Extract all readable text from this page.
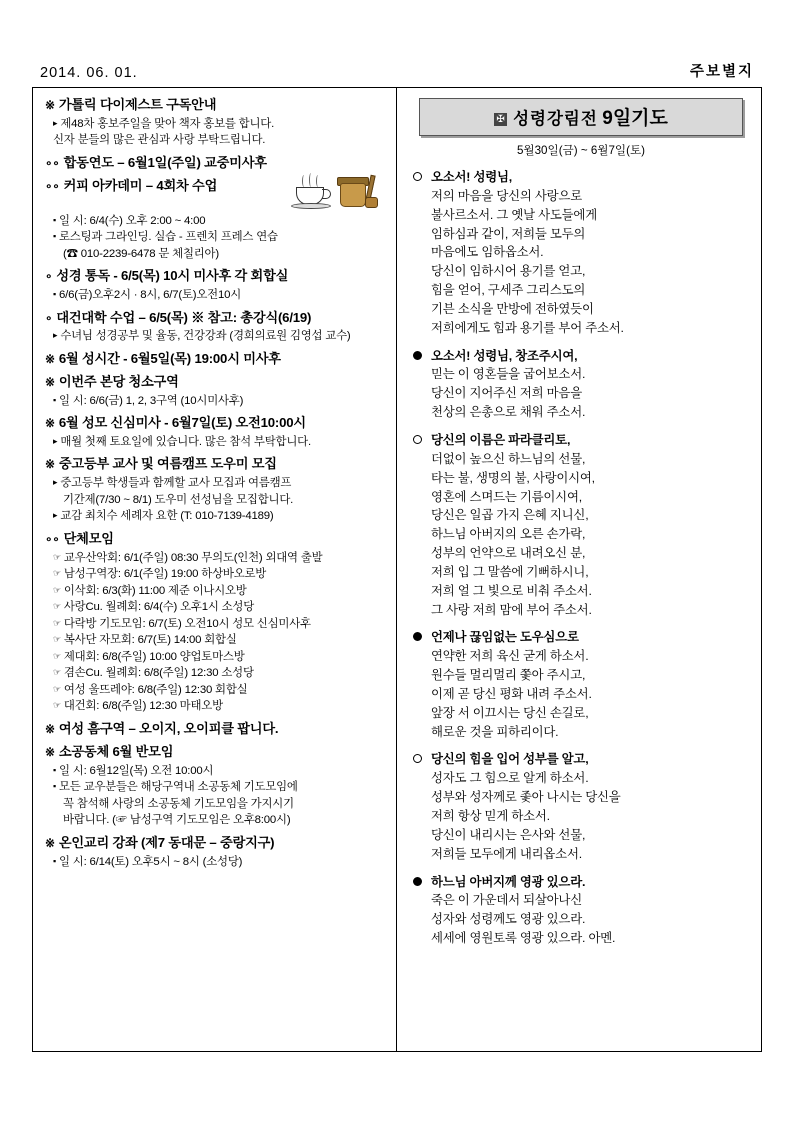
2014. 06. 01.	주보별지
※ 가톨릭 다이제스트 구독안내
▸ 제48차 홍보주일을 맞아 책자 홍보를 합니다.
신자 분들의 많은 관심과 사랑 부탁드립니다.
∘∘ 합동연도 – 6월1일(주일) 교중미사후
∘∘ 커피 아카데미 – 4회차 수업
▪ 일 시: 6/4(수) 오후 2:00 ~ 4:00
▪ 로스팅과 그라인딩. 실습 - 프렌치 프레스 연습
(☎ 010-2239-6478 문 체칠리아)
∘ 성경 통독 - 6/5(목) 10시 미사후 각 회합실
▪ 6/6(금)오후2시 · 8시, 6/7(토)오전10시
∘ 대건대학 수업 – 6/5(목) ※ 참고: 총강식(6/19)
▸ 수녀님 성경공부 및 율동, 건강강좌 (경희의료원 김영섭 교수)
※ 6월 성시간 - 6월5일(목) 19:00시 미사후
※ 이번주 본당 청소구역
▪ 일 시: 6/6(금) 1, 2, 3구역 (10시미사후)
※ 6월 성모 신심미사 - 6월7일(토) 오전10:00시
▸ 매월 첫째 토요일에 있습니다. 많은 참석 부탁합니다.
※ 중고등부 교사 및 여름캠프 도우미 모집
▸ 중고등부 학생들과 함께할 교사 모집과 여름캠프
기간제(7/30 ~ 8/1) 도우미 선성님을 모집합니다.
▸ 교감 최치수 세례자 요한 (T: 010-7139-4189)
∘∘ 단체모임
☞ 교우산악회: 6/1(주일) 08:30 무의도(인천) 외대역 출발
☞ 남성구역장: 6/1(주일) 19:00 하상바오로방
☞ 이삭회: 6/3(화) 11:00 제준 이나시오방
☞ 사랑Cu. 월례회: 6/4(수) 오후1시 소성당
☞ 다락방 기도모임: 6/7(토) 오전10시 성모 신심미사후
☞ 복사단 자모회: 6/7(토) 14:00 회합실
☞ 제대회: 6/8(주일) 10:00 양업토마스방
☞ 겸손Cu. 월례회: 6/8(주일) 12:30 소성당
☞ 여성 울뜨레야: 6/8(주일) 12:30 회합실
☞ 대건회: 6/8(주일) 12:30 마태오방
※ 여성 흠구역 – 오이지, 오이피클 팝니다.
※ 소공동체 6월 반모임
▪ 일 시: 6월12일(목) 오전 10:00시
▪ 모든 교우분들은 해당구역내 소공동체 기도모임에
꼭 참석해 사랑의 소공동체 기도모임을 가지시기
바랍니다. (☞ 남성구역 기도모임은 오후8:00시)
※ 온인교리 강좌 (제7 동대문 – 중랑지구)
▪ 일 시: 6/14(토) 오후5시 ~ 8시 (소성당)
✠ 성령강림전 9일기도
5월30일(금) ~ 6월7일(토)
오소서! 성령님,
저의 마음을 당신의 사랑으로
불사르소서. 그 옛날 사도들에게
임하심과 같이, 저희들 모두의
마음에도 임하옵소서.
당신이 임하시어 용기를 얻고,
힘을 얻어, 구세주 그리스도의
기븐 소식을 만방에 전하였듯이
저희에게도 힘과 용기를 부어 주소서.
오소서! 성령님, 창조주시여,
믿는 이 영혼들을 굽어보소서.
당신이 지어주신 저희 마음을
천상의 은총으로 채워 주소서.
당신의 이름은 파라클리토,
더없이 높으신 하느님의 선물,
타는 불, 생명의 불, 사랑이시여,
영혼에 스며드는 기름이시여,
당신은 일곱 가지 은혜 지니신,
하느님 아버지의 오른 손가락,
성부의 언약으로 내려오신 분,
저희 입 그 말씀에 기뻐하시니,
저희 얼 그 빛으로 비춰 주소서.
그 사랑 저희 맘에 부어 주소서.
언제나 끊임없는 도우심으로
연약한 저희 육신 굳게 하소서.
원수들 멀리멀리 쫓아 주시고,
이제 곧 당신 평화 내려 주소서.
앞장 서 이끄시는 당신 손길로,
해로운 것을 피하리이다.
당신의 힘을 입어 성부를 알고,
성자도 그 힘으로 알게 하소서.
성부와 성자께로 좇아 나시는 당신을
저희 항상 믿게 하소서.
당신이 내리시는 은사와 선물,
저희들 모두에게 내리옵소서.
하느님 아버지께 영광 있으라.
죽은 이 가운데서 되살아나신
성자와 성령께도 영광 있으라.
세세에 영원토록 영광 있으라. 아멘.
